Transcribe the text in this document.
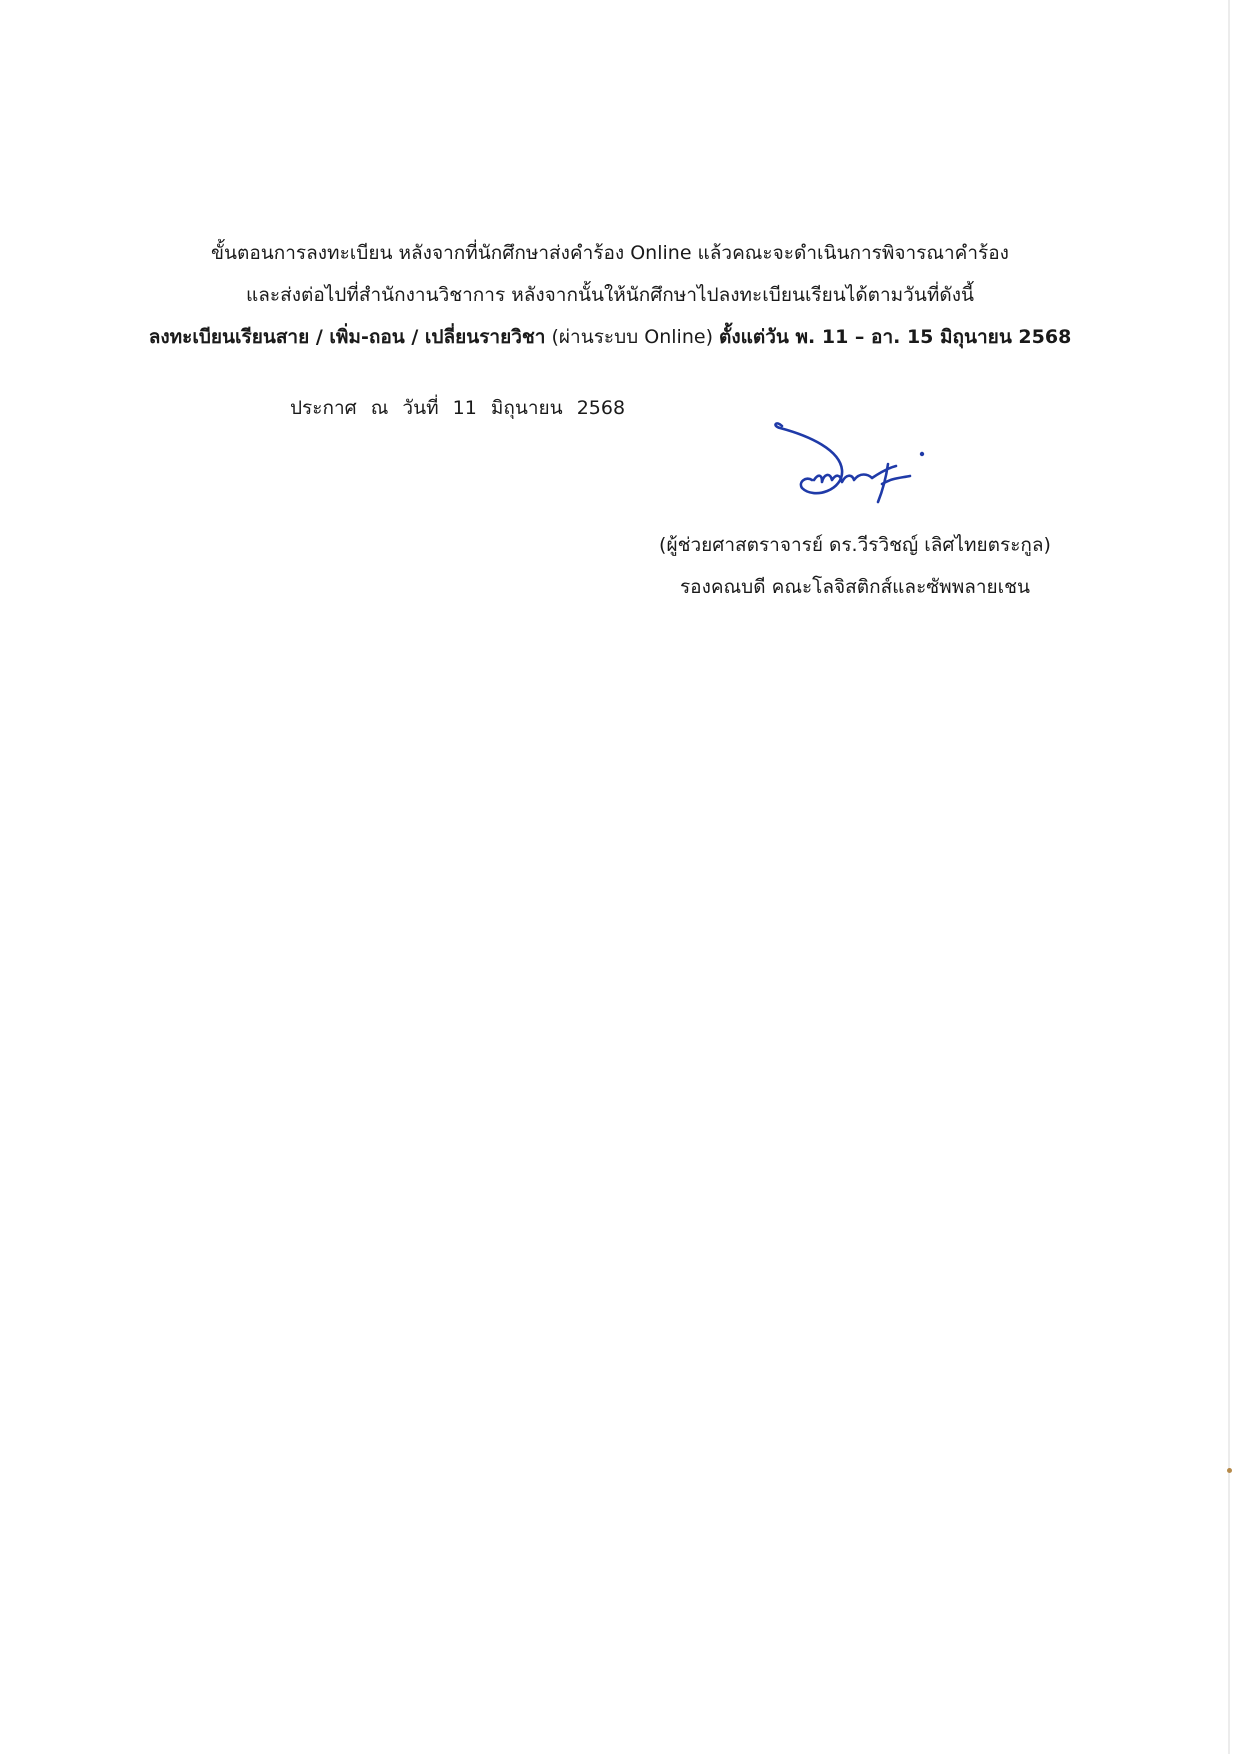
ขั้นตอนการลงทะเบียน หลังจากที่นักศึกษาส่งคำร้อง Online แล้วคณะจะดำเนินการพิจารณาคำร้อง

และส่งต่อไปที่สำนักงานวิชาการ หลังจากนั้นให้นักศึกษาไปลงทะเบียนเรียนได้ตามวันที่ดังนี้

ลงทะเบียนเรียนสาย / เพิ่ม-ถอน / เปลี่ยนรายวิชา (ผ่านระบบ Online) ตั้งแต่วัน พ. 11 – อา. 15 มิถุนายน 2568

ประกาศ ณ วันที่ 11 มิถุนายน 2568

(ผู้ช่วยศาสตราจารย์ ดร.วีรวิชญ์ เลิศไทยตระกูล)

รองคณบดี คณะโลจิสติกส์และซัพพลายเชน
